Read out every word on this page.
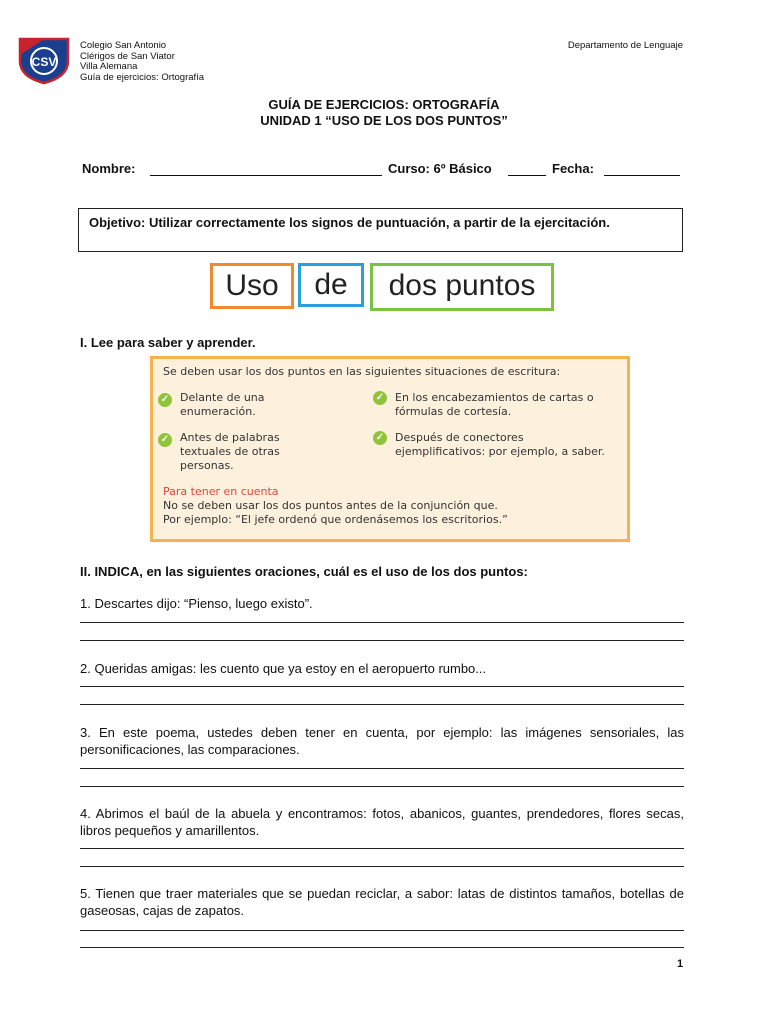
CSV
Colegio San Antonio
Clérigos de San Viator
Villa Alemana
Guía de ejercicios: Ortografía
Departamento de Lenguaje
GUÍA DE EJERCICIOS: ORTOGRAFÍA
UNIDAD 1 “USO DE LOS DOS PUNTOS”
Nombre:	Curso: 6º Básico	Fecha:
Objetivo: Utilizar correctamente los signos de puntuación, a partir de la ejercitación.
Uso	de	dos puntos
I. Lee para saber y aprender.
Se deben usar los dos puntos en las siguientes situaciones de escritura:
✓ Delante de una enumeración.
✓ Antes de palabras textuales de otras personas.
✓ En los encabezamientos de cartas o fórmulas de cortesía.
✓ Después de conectores ejemplificativos: por ejemplo, a saber.
Para tener en cuenta
No se deben usar los dos puntos antes de la conjunción que.
Por ejemplo: “El jefe ordenó que ordenásemos los escritorios.”
II. INDICA, en las siguientes oraciones, cuál es el uso de los dos puntos:
1. Descartes dijo: “Pienso, luego existo”.
2. Queridas amigas: les cuento que ya estoy en el aeropuerto rumbo...
3. En este poema, ustedes deben tener en cuenta, por ejemplo: las imágenes sensoriales, las personificaciones, las comparaciones.
4. Abrimos el baúl de la abuela y encontramos: fotos, abanicos, guantes, prendedores, flores secas, libros pequeños y amarillentos.
5. Tienen que traer materiales que se puedan reciclar, a sabor: latas de distintos tamaños, botellas de gaseosas, cajas de zapatos.
1
